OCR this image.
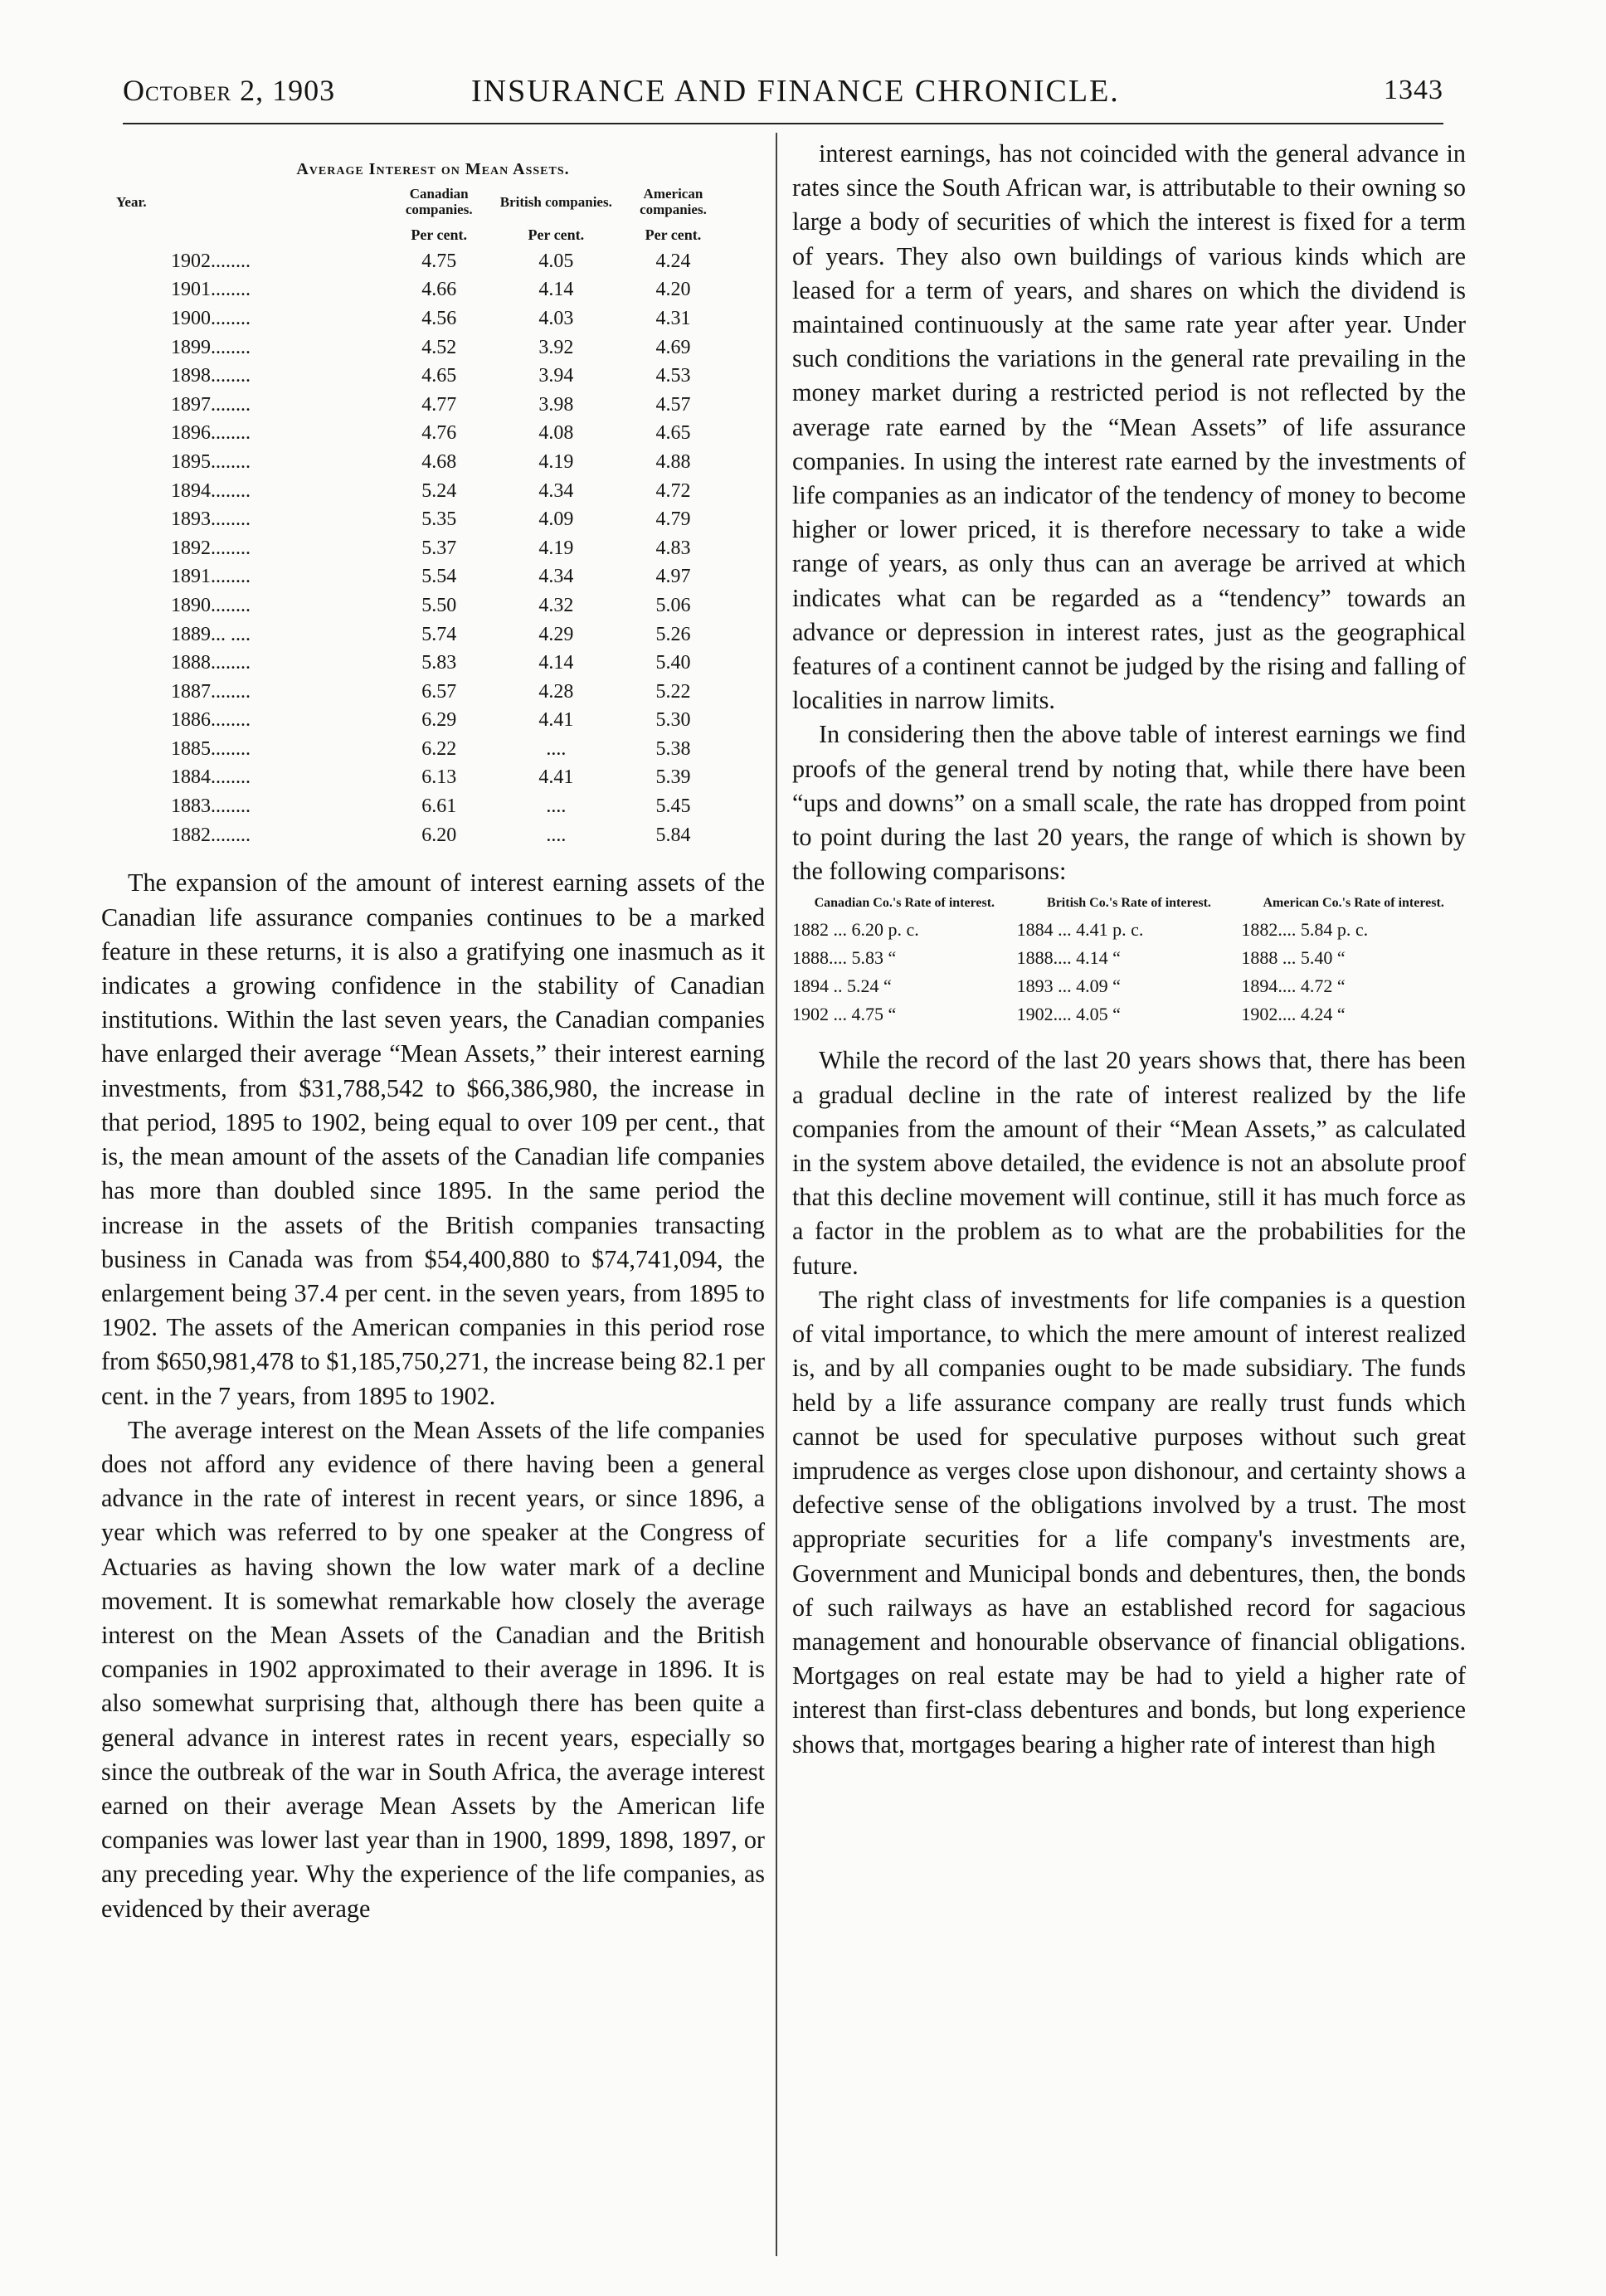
October 2, 1903	INSURANCE AND FINANCE CHRONICLE.	1343
Average Interest on Mean Assets.
Year.	Canadian companies.	British companies.	American companies.
	Per cent.	Per cent.	Per cent.
1902........	4.75	4.05	4.24
1901........	4.66	4.14	4.20
1900........	4.56	4.03	4.31
1899........	4.52	3.92	4.69
1898........	4.65	3.94	4.53
1897........	4.77	3.98	4.57
1896........	4.76	4.08	4.65
1895........	4.68	4.19	4.88
1894........	5.24	4.34	4.72
1893........	5.35	4.09	4.79
1892........	5.37	4.19	4.83
1891........	5.54	4.34	4.97
1890........	5.50	4.32	5.06
1889... ....	5.74	4.29	5.26
1888........	5.83	4.14	5.40
1887........	6.57	4.28	5.22
1886........	6.29	4.41	5.30
1885........	6.22	....	5.38
1884........	6.13	4.41	5.39
1883........	6.61	....	5.45
1882........	6.20	....	5.84

The expansion of the amount of interest earning assets of the Canadian life assurance companies continues to be a marked feature in these returns, it is also a gratifying one inasmuch as it indicates a growing confidence in the stability of Canadian institutions. Within the last seven years, the Canadian companies have enlarged their average “Mean Assets,” their interest earning investments, from $31,788,542 to $66,386,980, the increase in that period, 1895 to 1902, being equal to over 109 per cent., that is, the mean amount of the assets of the Canadian life companies has more than doubled since 1895. In the same period the increase in the assets of the British companies transacting business in Canada was from $54,400,880 to $74,741,094, the enlargement being 37.4 per cent. in the seven years, from 1895 to 1902. The assets of the American companies in this period rose from $650,981,478 to $1,185,750,271, the increase being 82.1 per cent. in the 7 years, from 1895 to 1902.

The average interest on the Mean Assets of the life companies does not afford any evidence of there having been a general advance in the rate of interest in recent years, or since 1896, a year which was referred to by one speaker at the Congress of Actuaries as having shown the low water mark of a decline movement. It is somewhat remarkable how closely the average interest on the Mean Assets of the Canadian and the British companies in 1902 approximated to their average in 1896. It is also somewhat surprising that, although there has been quite a general advance in interest rates in recent years, especially so since the outbreak of the war in South Africa, the average interest earned on their average Mean Assets by the American life companies was lower last year than in 1900, 1899, 1898, 1897, or any preceding year. Why the experience of the life companies, as evidenced by their average

interest earnings, has not coincided with the general advance in rates since the South African war, is attributable to their owning so large a body of securities of which the interest is fixed for a term of years. They also own buildings of various kinds which are leased for a term of years, and shares on which the dividend is maintained continuously at the same rate year after year. Under such conditions the variations in the general rate prevailing in the money market during a restricted period is not reflected by the average rate earned by the “Mean Assets” of life assurance companies. In using the interest rate earned by the investments of life companies as an indicator of the tendency of money to become higher or lower priced, it is therefore necessary to take a wide range of years, as only thus can an average be arrived at which indicates what can be regarded as a “tendency” towards an advance or depression in interest rates, just as the geographical features of a continent cannot be judged by the rising and falling of localities in narrow limits.

In considering then the above table of interest earnings we find proofs of the general trend by noting that, while there have been “ups and downs” on a small scale, the rate has dropped from point to point during the last 20 years, the range of which is shown by the following comparisons:

Canadian Co.'s Rate of interest.	British Co.'s Rate of interest.	American Co.'s Rate of interest.
1882 ... 6.20 p. c.	1884 ... 4.41 p. c.	1882.... 5.84 p. c.
1888.... 5.83 “	1888.... 4.14 “	1888 ... 5.40 “
1894 .. 5.24 “	1893 ... 4.09 “	1894.... 4.72 “
1902 ... 4.75 “	1902.... 4.05 “	1902.... 4.24 “

While the record of the last 20 years shows that, there has been a gradual decline in the rate of interest realized by the life companies from the amount of their “Mean Assets,” as calculated in the system above detailed, the evidence is not an absolute proof that this decline movement will continue, still it has much force as a factor in the problem as to what are the probabilities for the future.

The right class of investments for life companies is a question of vital importance, to which the mere amount of interest realized is, and by all companies ought to be made subsidiary. The funds held by a life assurance company are really trust funds which cannot be used for speculative purposes without such great imprudence as verges close upon dishonour, and certainty shows a defective sense of the obligations involved by a trust. The most appropriate securities for a life company's investments are, Government and Municipal bonds and debentures, then, the bonds of such railways as have an established record for sagacious management and honourable observance of financial obligations. Mortgages on real estate may be had to yield a higher rate of interest than first-class debentures and bonds, but long experience shows that, mortgages bearing a higher rate of interest than high
